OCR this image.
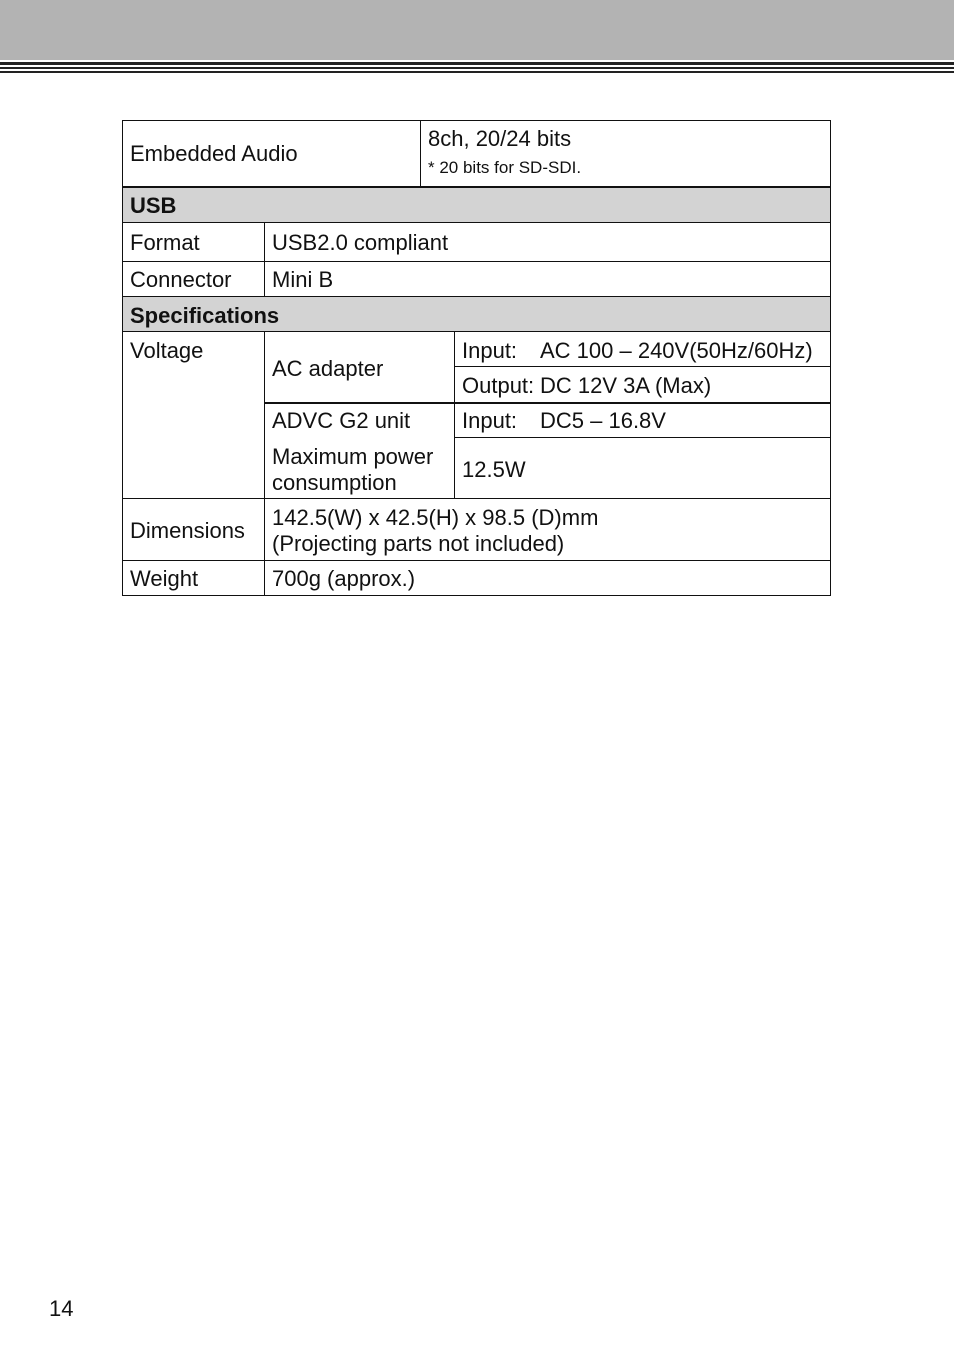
Embedded Audio
8ch, 20/24 bits
* 20 bits for SD-SDI.
USB
Format	USB2.0 compliant
Connector Mini B
Specifications
Voltage
AC adapter
Input: AC 100 – 240V(50Hz/60Hz)
Output: DC 12V 3A (Max)
ADVC G2 unit Input: DC5 – 16.8V
Maximum power
consumption
12.5W
Dimensions
142.5(W) x 42.5(H) x 98.5 (D)mm
(Projecting parts not included)
Weight	700g (approx.)
14
